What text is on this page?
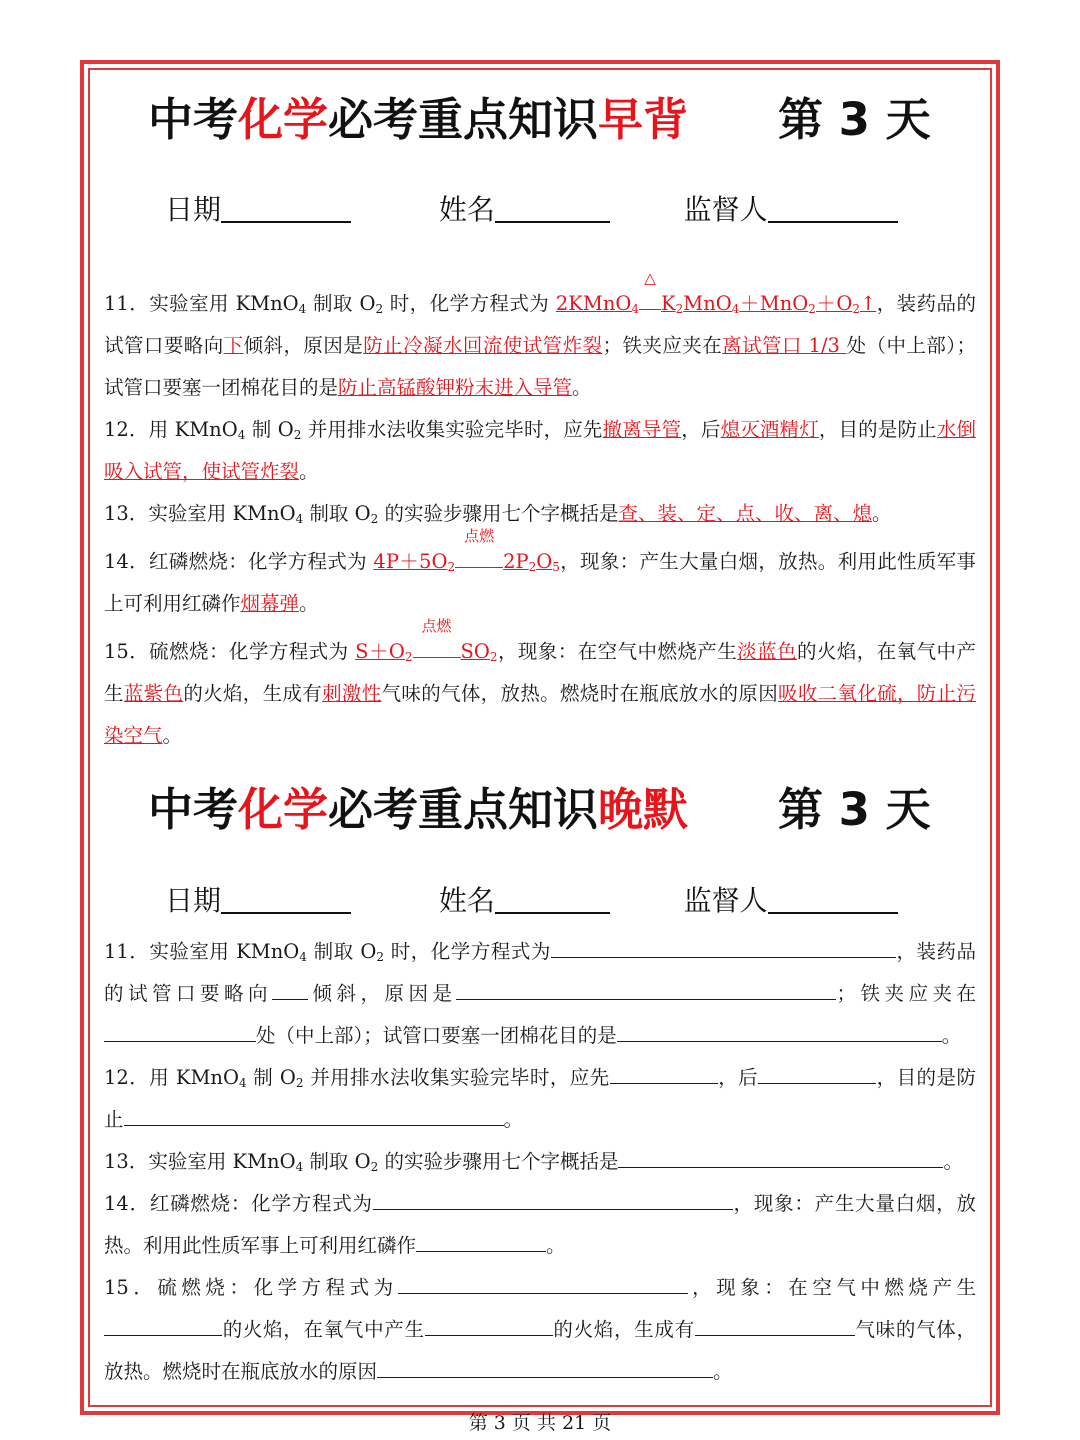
中考化学必考重点知识早背 第 3 天
日期	姓名	监督人

11．实验室用 KMnO$_4$ 制取 $O_2$ 时，化学方程式为 2KMnO$_4$
△
$K_2MnO_4+MnO_2+O_2↑$，装药品的试管口要略向下倾斜，原因是防止冷凝水回流使试管炸裂；铁夹应夹在离试管口 1/3 处（中上部）；试管口要塞一团棉花目的是防止高锰酸钾粉末进入导管。

12．用 KMnO$_4$ 制 $O_2$ 并用排水法收集实验完毕时，应先撤离导管，后熄灭酒精灯，目的是防止水倒吸入试管，使试管炸裂。

13．实验室用 KMnO$_4$ 制取 $O_2$ 的实验步骤用七个字概括是查、装、定、点、收、离、熄。

14．红磷燃烧：化学方程式为 $4P+5O_2$
点燃
$2P_2O_5$，现象：产生大量白烟，放热。利用此性质军事上可利用红磷作烟幕弹。

15．硫燃烧：化学方程式为 $S+O_2$
点燃
$SO_2$，现象：在空气中燃烧产生淡蓝色的火焰，在氧气中产生蓝紫色的火焰，生成有刺激性气味的气体，放热。燃烧时在瓶底放水的原因吸收二氧化硫，防止污染空气。

中考化学必考重点知识晚默 第 3 天
日期	姓名	监督人

11．实验室用 KMnO$_4$ 制取 $O_2$ 时，化学方程式为	，装药品的试管口要略向 倾斜，原因是	；铁夹应夹在处（中上部）；试管口要塞一团棉花目的是	。

12．用 KMnO$_4$ 制 $O_2$ 并用排水法收集实验完毕时，应先	，后	，目的是防止	。

13．实验室用 KMnO$_4$ 制取 $O_2$ 的实验步骤用七个字概括是	。

14．红磷燃烧：化学方程式为	，现象：产生大量白烟，放热。利用此性质军事上可利用红磷作	。

15．硫燃烧：化学方程式为	，现象：在空气中燃烧产生的火焰，在氧气中产生	的火焰，生成有	气味的气体，放热。燃烧时在瓶底放水的原因	。

第 3 页 共 21 页
